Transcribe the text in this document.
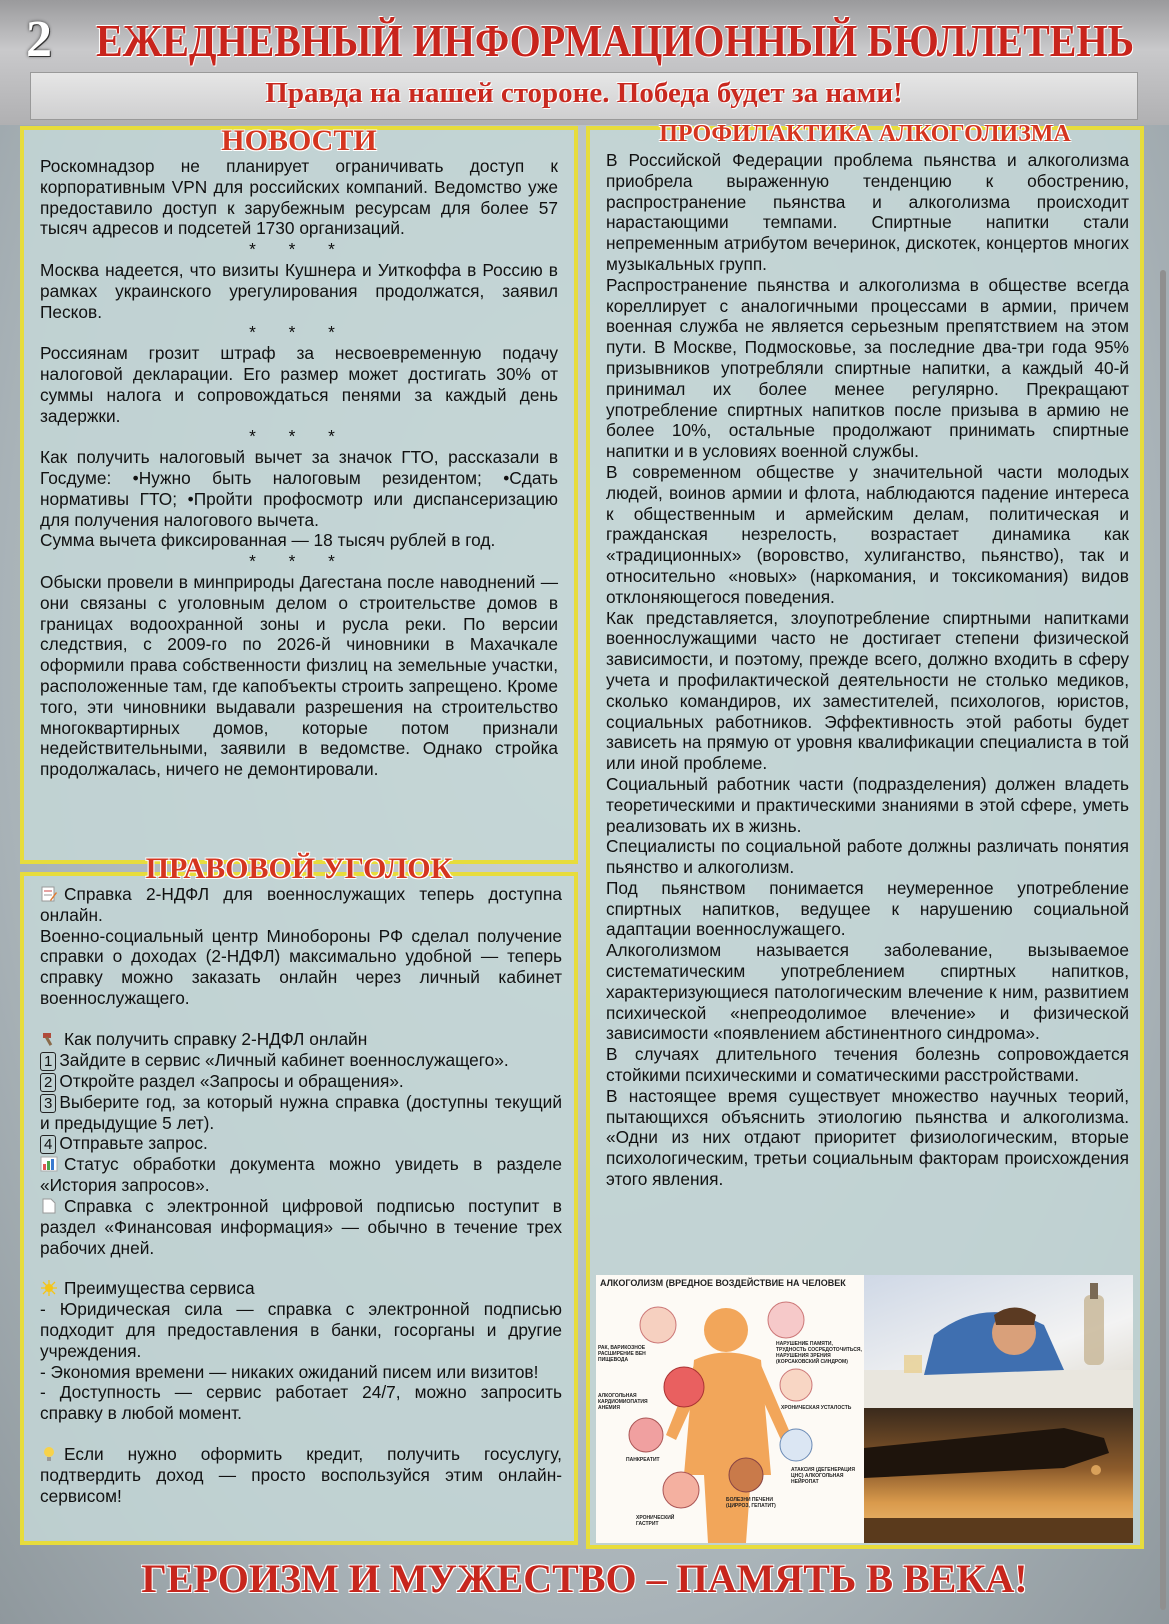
2 ЕЖЕДНЕВНЫЙ ИНФОРМАЦИОННЫЙ БЮЛЛЕТЕНЬ
Правда на нашей стороне. Победа будет за нами!
НОВОСТИ

Роскомнадзор не планирует ограничивать доступ к корпоративным VPN для российских компаний. Ведомство уже предоставило доступ к зарубежным ресурсам для более 57 тысяч адресов и подсетей 1730 организаций.

* * *

Москва надеется, что визиты Кушнера и Уиткоффа в Россию в рамках украинского урегулирования продолжатся, заявил Песков.

* * *

Россиянам грозит штраф за несвоевременную подачу налоговой декларации. Его размер может достигать 30% от суммы налога и сопровождаться пенями за каждый день задержки.

* * *

Как получить налоговый вычет за значок ГТО, рассказали в Госдуме: •Нужно быть налоговым резидентом; •Сдать нормативы ГТО; •Пройти профосмотр или диспансеризацию для получения налогового вычета.

Сумма вычета фиксированная — 18 тысяч рублей в год.

* * *

Обыски провели в минприроды Дагестана после наводнений — они связаны с уголовным делом о строительстве домов в границах водоохранной зоны и русла реки. По версии следствия, с 2009-го по 2026-й чиновники в Махачкале оформили права собственности физлиц на земельные участки, расположенные там, где капобъекты строить запрещено. Кроме того, эти чиновники выдавали разрешения на строительство многоквартирных домов, которые потом признали недействительными, заявили в ведомстве. Однако стройка продолжалась, ничего не демонтировали.

ПРАВОВОЙ УГОЛОК

Справка 2-НДФЛ для военнослужащих теперь доступна онлайн.

Военно-социальный центр Минобороны РФ сделал получение справки о доходах (2-НДФЛ) максимально удобной — теперь справку можно заказать онлайн через личный кабинет военнослужащего.

Как получить справку 2-НДФЛ онлайн

1 Зайдите в сервис «Личный кабинет военнослужащего».

2 Откройте раздел «Запросы и обращения».

3 Выберите год, за который нужна справка (доступны текущий и предыдущие 5 лет).

4 Отправьте запрос.

Статус обработки документа можно увидеть в разделе «История запросов».

Справка с электронной цифровой подписью поступит в раздел «Финансовая информация» — обычно в течение трех рабочих дней.

Преимущества сервиса

- Юридическая сила — справка с электронной подписью подходит для предоставления в банки, госорганы и другие учреждения.

- Экономия времени — никаких ожиданий писем или визитов!

- Доступность — сервис работает 24/7, можно запросить справку в любой момент.

Если нужно оформить кредит, получить госуслугу, подтвердить доход — просто воспользуйся этим онлайн-сервисом!

ПРОФИЛАКТИКА АЛКОГОЛИЗМА

В Российской Федерации проблема пьянства и алкоголизма приобрела выраженную тенденцию к обострению, распространение пьянства и алкоголизма происходит нарастающими темпами. Спиртные напитки стали непременным атрибутом вечеринок, дискотек, концертов многих музыкальных групп.

Распространение пьянства и алкоголизма в обществе всегда кореллирует с аналогичными процессами в армии, причем военная служба не является серьезным препятствием на этом пути. В Москве, Подмосковье, за последние два-три года 95% призывников употребляли спиртные напитки, а каждый 40-й принимал их более менее регулярно. Прекращают употребление спиртных напитков после призыва в армию не более 10%, остальные продолжают принимать спиртные напитки и в условиях военной службы.

В современном обществе у значительной части молодых людей, воинов армии и флота, наблюдаются падение интереса к общественным и армейским делам, политическая и гражданская незрелость, возрастает динамика как «традиционных» (воровство, хулиганство, пьянство), так и относительно «новых» (наркомания, и токсикомания) видов отклоняющегося поведения.

Как представляется, злоупотребление спиртными напитками военнослужащими часто не достигает степени физической зависимости, и поэтому, прежде всего, должно входить в сферу учета и профилактической деятельности не столько медиков, сколько командиров, их заместителей, психологов, юристов, социальных работников. Эффективность этой работы будет зависеть на прямую от уровня квалификации специалиста в той или иной проблеме.

Социальный работник части (подразделения) должен владеть теоретическими и практическими знаниями в этой сфере, уметь реализовать их в жизнь.

Специалисты по социальной работе должны различать понятия пьянство и алкоголизм.

Под пьянством понимается неумеренное употребление спиртных напитков, ведущее к нарушению социальной адаптации военнослужащего.

Алкоголизмом называется заболевание, вызываемое систематическим употреблением спиртных напитков, характеризующиеся патологическим влечение к ним, развитием психической «непреодолимое влечение» и физической зависимости «появлением абстинентного синдрома».

В случаях длительного течения болезнь сопровождается стойкими психическими и соматическими расстройствами.

В настоящее время существует множество научных теорий, пытающихся объяснить этиологию пьянства и алкоголизма. «Одни из них отдают приоритет физиологическим, вторые психологическим, третьи социальным факторам происхождения этого явления.

АЛКОГОЛИЗМ (ВРЕДНОЕ ВОЗДЕЙСТВИЕ НА ЧЕЛОВЕК
РАК, ВАРИКОЗНОЕ РАСШИРЕНИЕ ВЕН ПИЩЕВОДА
НАРУШЕНИЕ ПАМЯТИ, ТРУДНОСТЬ СОСРЕДОТОЧИТЬСЯ, НАРУШЕНИЯ ЗРЕНИЯ (КОРСАКОВСКИЙ СИНДРОМ)
АЛКОГОЛЬНАЯ КАРДИОМИОПАТИЯ АНЕМИЯ	ХРОНИЧЕСКАЯ УСТАЛОСТЬ
ПАНКРЕАТИТ
АТАКСИЯ (ДЕГЕНЕРАЦИЯ ЦНС) АЛКОГОЛЬНАЯ НЕЙРОПАТ
БОЛЕЗНИ ПЕЧЕНИ (ЦИРРОЗ, ГЕПАТИТ)
ХРОНИЧЕСКИЙ ГАСТРИТ
ГЕРОИЗМ И МУЖЕСТВО – ПАМЯТЬ В ВЕКА!
